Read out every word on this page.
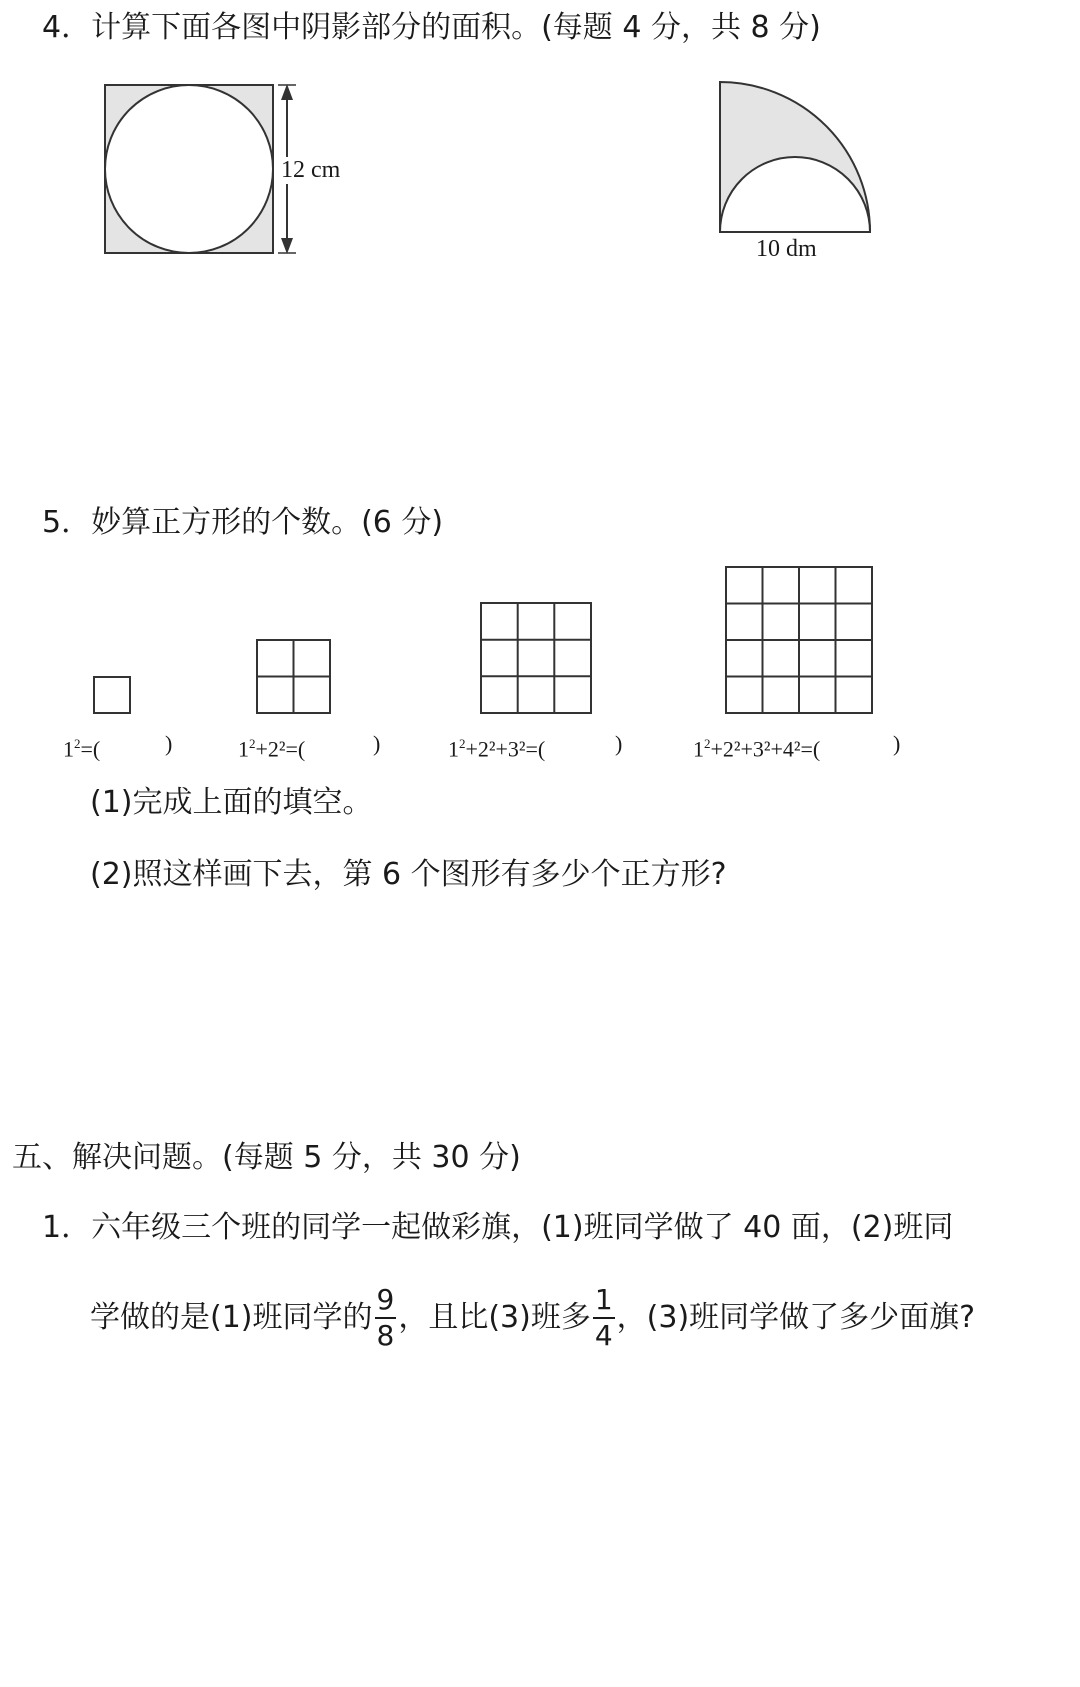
4．计算下面各图中阴影部分的面积。(每题 4 分，共 8 分)
12 cm
10 dm
5．妙算正方形的个数。(6 分)
$1^2=$(	)	$1^2+2^2=$(	)	$1^2+2^2+3^2=$(	)	$1^2+2^2+3^2+4^2=$(	)
(1)完成上面的填空。
(2)照这样画下去，第 6 个图形有多少个正方形?
五、解决问题。(每题 5 分，共 30 分)
1．六年级三个班的同学一起做彩旗，(1)班同学做了 40 面，(2)班同
学做的是(1)班同学的 $\frac{9}{8}$ ，且比(3)班多 $\frac{1}{4}$ ，(3)班同学做了多少面旗?
